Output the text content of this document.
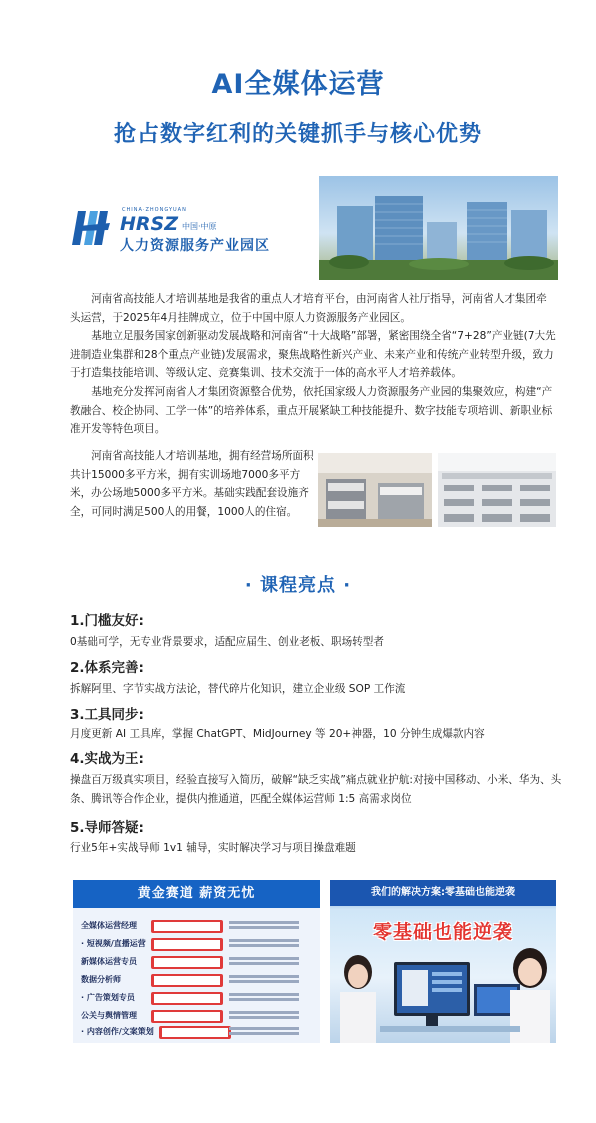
AI全媒体运营
抢占数字红利的关键抓手与核心优势
CHINA·ZHONGYUAN
HRSZ 中国·中原
人力资源服务产业园区
河南省高技能人才培训基地是我省的重点人才培育平台，由河南省人社厅指导，河南省人才集团牵头运营，于2025年4月挂牌成立，位于中国中原人力资源服务产业园区。
基地立足服务国家创新驱动发展战略和河南省“十大战略”部署，紧密围绕全省“7+28”产业链(7大先进制造业集群和28个重点产业链)发展需求，聚焦战略性新兴产业、未来产业和传统产业转型升级，致力于打造集技能培训、等级认定、竞赛集训、技术交流于一体的高水平人才培养载体。
基地充分发挥河南省人才集团资源整合优势，依托国家级人力资源服务产业园的集聚效应，构建“产教融合、校企协同、工学一体”的培养体系，重点开展紧缺工种技能提升、数字技能专项培训、新职业标准开发等特色项目。
河南省高技能人才培训基地，拥有经营场所面积共计15000多平方米，拥有实训场地7000多平方米，办公场地5000多平方米。基础实践配套设施齐全，可同时满足500人的用餐，1000人的住宿。
· 课程亮点 ·
1.门槛友好:
0基础可学，无专业背景要求，适配应届生、创业老板、职场转型者
2.体系完善:
拆解阿里、字节实战方法论，替代碎片化知识，建立企业级 SOP 工作流
3.工具同步:
月度更新 AI 工具库，掌握 ChatGPT、MidJourney 等 20+神器，10 分钟生成爆款内容
4.实战为王:
操盘百万级真实项目，经验直接写入简历，破解“缺乏实战”痛点就业护航:对接中国移动、小米、华为、头条、腾讯等合作企业，提供内推通道，匹配全媒体运营师 1:5 高需求岗位
5.导师答疑:
行业5年+实战导师 1v1 辅导，实时解决学习与项目操盘难题
黄金赛道 薪资无忧
全媒体运营经理
· 短视频/直播运营
新媒体运营专员
数据分析师
· 广告策划专员
公关与舆情管理
· 内容创作/文案策划
我们的解决方案:零基础也能逆袭
零基础也能逆袭
